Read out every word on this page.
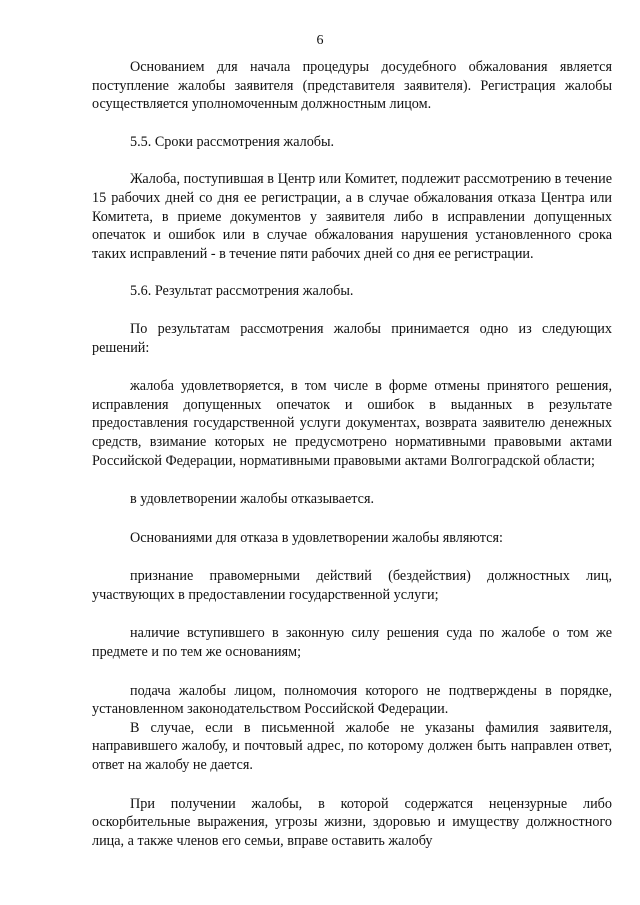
6

Основанием для начала процедуры досудебного обжалования является поступление жалобы заявителя (представителя заявителя). Регистрация жалобы осуществляется уполномоченным должностным лицом.

5.5. Сроки рассмотрения жалобы.

Жалоба, поступившая в Центр или Комитет, подлежит рассмотрению в течение 15 рабочих дней со дня ее регистрации, а в случае обжалования отказа Центра или Комитета, в приеме документов у заявителя либо в исправлении допущенных опечаток и ошибок или в случае обжалования нарушения установленного срока таких исправлений - в течение пяти рабочих дней со дня ее регистрации.

5.6. Результат рассмотрения жалобы.

По результатам рассмотрения жалобы принимается одно из следующих решений:

жалоба удовлетворяется, в том числе в форме отмены принятого решения, исправления допущенных опечаток и ошибок в выданных в результате предоставления государственной услуги документах, возврата заявителю денежных средств, взимание которых не предусмотрено нормативными правовыми актами Российской Федерации, нормативными правовыми актами Волгоградской области;

в удовлетворении жалобы отказывается.

Основаниями для отказа в удовлетворении жалобы являются:

признание правомерными действий (бездействия) должностных лиц, участвующих в предоставлении государственной услуги;

наличие вступившего в законную силу решения суда по жалобе о том же предмете и по тем же основаниям;

подача жалобы лицом, полномочия которого не подтверждены в порядке, установленном законодательством Российской Федерации.

В случае, если в письменной жалобе не указаны фамилия заявителя, направившего жалобу, и почтовый адрес, по которому должен быть направлен ответ, ответ на жалобу не дается.

При получении жалобы, в которой содержатся нецензурные либо оскорбительные выражения, угрозы жизни, здоровью и имуществу должностного лица, а также членов его семьи, вправе оставить жалобу
